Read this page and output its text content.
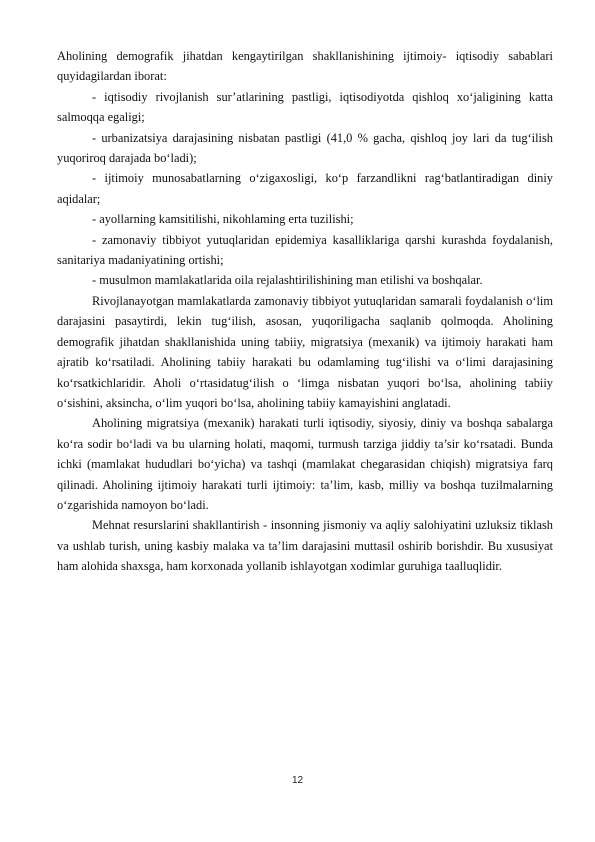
Aholining demografik jihatdan kengaytirilgan shakllanishining ijtimoiy- iqtisodiy sabablari quyidagilardan iborat:

- iqtisodiy rivojlanish sur’atlarining pastligi, iqtisodiyotda qishloq xo‘jaligining katta salmoqqa egaligi;

- urbanizatsiya darajasining nisbatan pastligi (41,0 % gacha, qishloq joy lari da tug‘ilish yuqoriroq darajada bo‘ladi);

- ijtimoiy munosabatlarning o‘zigaxosligi, ko‘p farzandlikni rag‘batlantiradigan diniy aqidalar;

- ayollarning kamsitilishi, nikohlaming erta tuzilishi;

- zamonaviy tibbiyot yutuqlaridan epidemiya kasalliklariga qarshi kurashda foydalanish, sanitariya madaniyatining ortishi;

- musulmon mamlakatlarida oila rejalashtirilishining man etilishi va boshqalar.

Rivojlanayotgan mamlakatlarda zamonaviy tibbiyot yutuqlaridan samarali foydalanish o‘lim darajasini pasaytirdi, lekin tug‘ilish, asosan, yuqoriligacha saqlanib qolmoqda. Aholining demografik jihatdan shakllanishida uning tabiiy, migratsiya (mexanik) va ijtimoiy harakati ham ajratib ko‘rsatiladi. Aholining tabiiy harakati bu odamlaming tug‘ilishi va o‘limi darajasining ko‘rsatkichlaridir. Aholi o‘rtasidatug‘ilish o ‘limga nisbatan yuqori bo‘lsa, aholining tabiiy o‘sishini, aksincha, o‘lim yuqori bo‘lsa, aholining tabiiy kamayishini anglatadi.

Aholining migratsiya (mexanik) harakati turli iqtisodiy, siyosiy, diniy va boshqa sabalarga ko‘ra sodir bo‘ladi va bu ularning holati, maqomi, turmush tarziga jiddiy ta’sir ko‘rsatadi. Bunda ichki (mamlakat hududlari bo‘yicha) va tashqi (mamlakat chegarasidan chiqish) migratsiya farq qilinadi. Aholining ijtimoiy harakati turli ijtimoiy: ta’lim, kasb, milliy va boshqa tuzilmalarning o‘zgarishida namoyon bo‘ladi.

Mehnat resurslarini shakllantirish - insonning jismoniy va aqliy salohiyatini uzluksiz tiklash va ushlab turish, uning kasbiy malaka va ta’lim darajasini muttasil oshirib borishdir. Bu xususiyat ham alohida shaxsga, ham korxonada yollanib ishlayotgan xodimlar guruhiga taalluqlidir.

12
